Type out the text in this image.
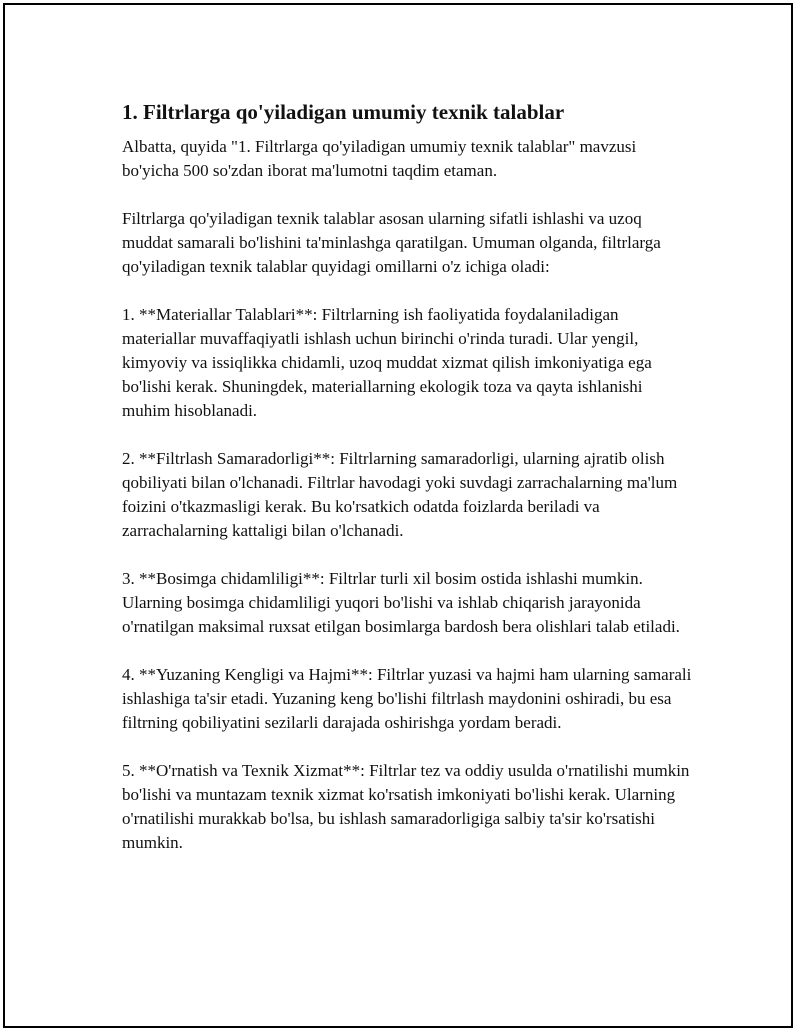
1. Filtrlarga qo'yiladigan umumiy texnik talablar

Albatta, quyida "1. Filtrlarga qo'yiladigan umumiy texnik talablar" mavzusi bo'yicha 500 so'zdan iborat ma'lumotni taqdim etaman.

Filtrlarga qo'yiladigan texnik talablar asosan ularning sifatli ishlashi va uzoq muddat samarali bo'lishini ta'minlashga qaratilgan. Umuman olganda, filtrlarga qo'yiladigan texnik talablar quyidagi omillarni o'z ichiga oladi:

1. **Materiallar Talablari**: Filtrlarning ish faoliyatida foydalaniladigan materiallar muvaffaqiyatli ishlash uchun birinchi o'rinda turadi. Ular yengil, kimyoviy va issiqlikka chidamli, uzoq muddat xizmat qilish imkoniyatiga ega bo'lishi kerak. Shuningdek, materiallarning ekologik toza va qayta ishlanishi muhim hisoblanadi.

2. **Filtrlash Samaradorligi**: Filtrlarning samaradorligi, ularning ajratib olish qobiliyati bilan o'lchanadi. Filtrlar havodagi yoki suvdagi zarrachalarning ma'lum foizini o'tkazmasligi kerak. Bu ko'rsatkich odatda foizlarda beriladi va zarrachalarning kattaligi bilan o'lchanadi.

3. **Bosimga chidamliligi**: Filtrlar turli xil bosim ostida ishlashi mumkin. Ularning bosimga chidamliligi yuqori bo'lishi va ishlab chiqarish jarayonida o'rnatilgan maksimal ruxsat etilgan bosimlarga bardosh bera olishlari talab etiladi.

4. **Yuzaning Kengligi va Hajmi**: Filtrlar yuzasi va hajmi ham ularning samarali ishlashiga ta'sir etadi. Yuzaning keng bo'lishi filtrlash maydonini oshiradi, bu esa filtrning qobiliyatini sezilarli darajada oshirishga yordam beradi.

5. **O'rnatish va Texnik Xizmat**: Filtrlar tez va oddiy usulda o'rnatilishi mumkin bo'lishi va muntazam texnik xizmat ko'rsatish imkoniyati bo'lishi kerak. Ularning o'rnatilishi murakkab bo'lsa, bu ishlash samaradorligiga salbiy ta'sir ko'rsatishi mumkin.
